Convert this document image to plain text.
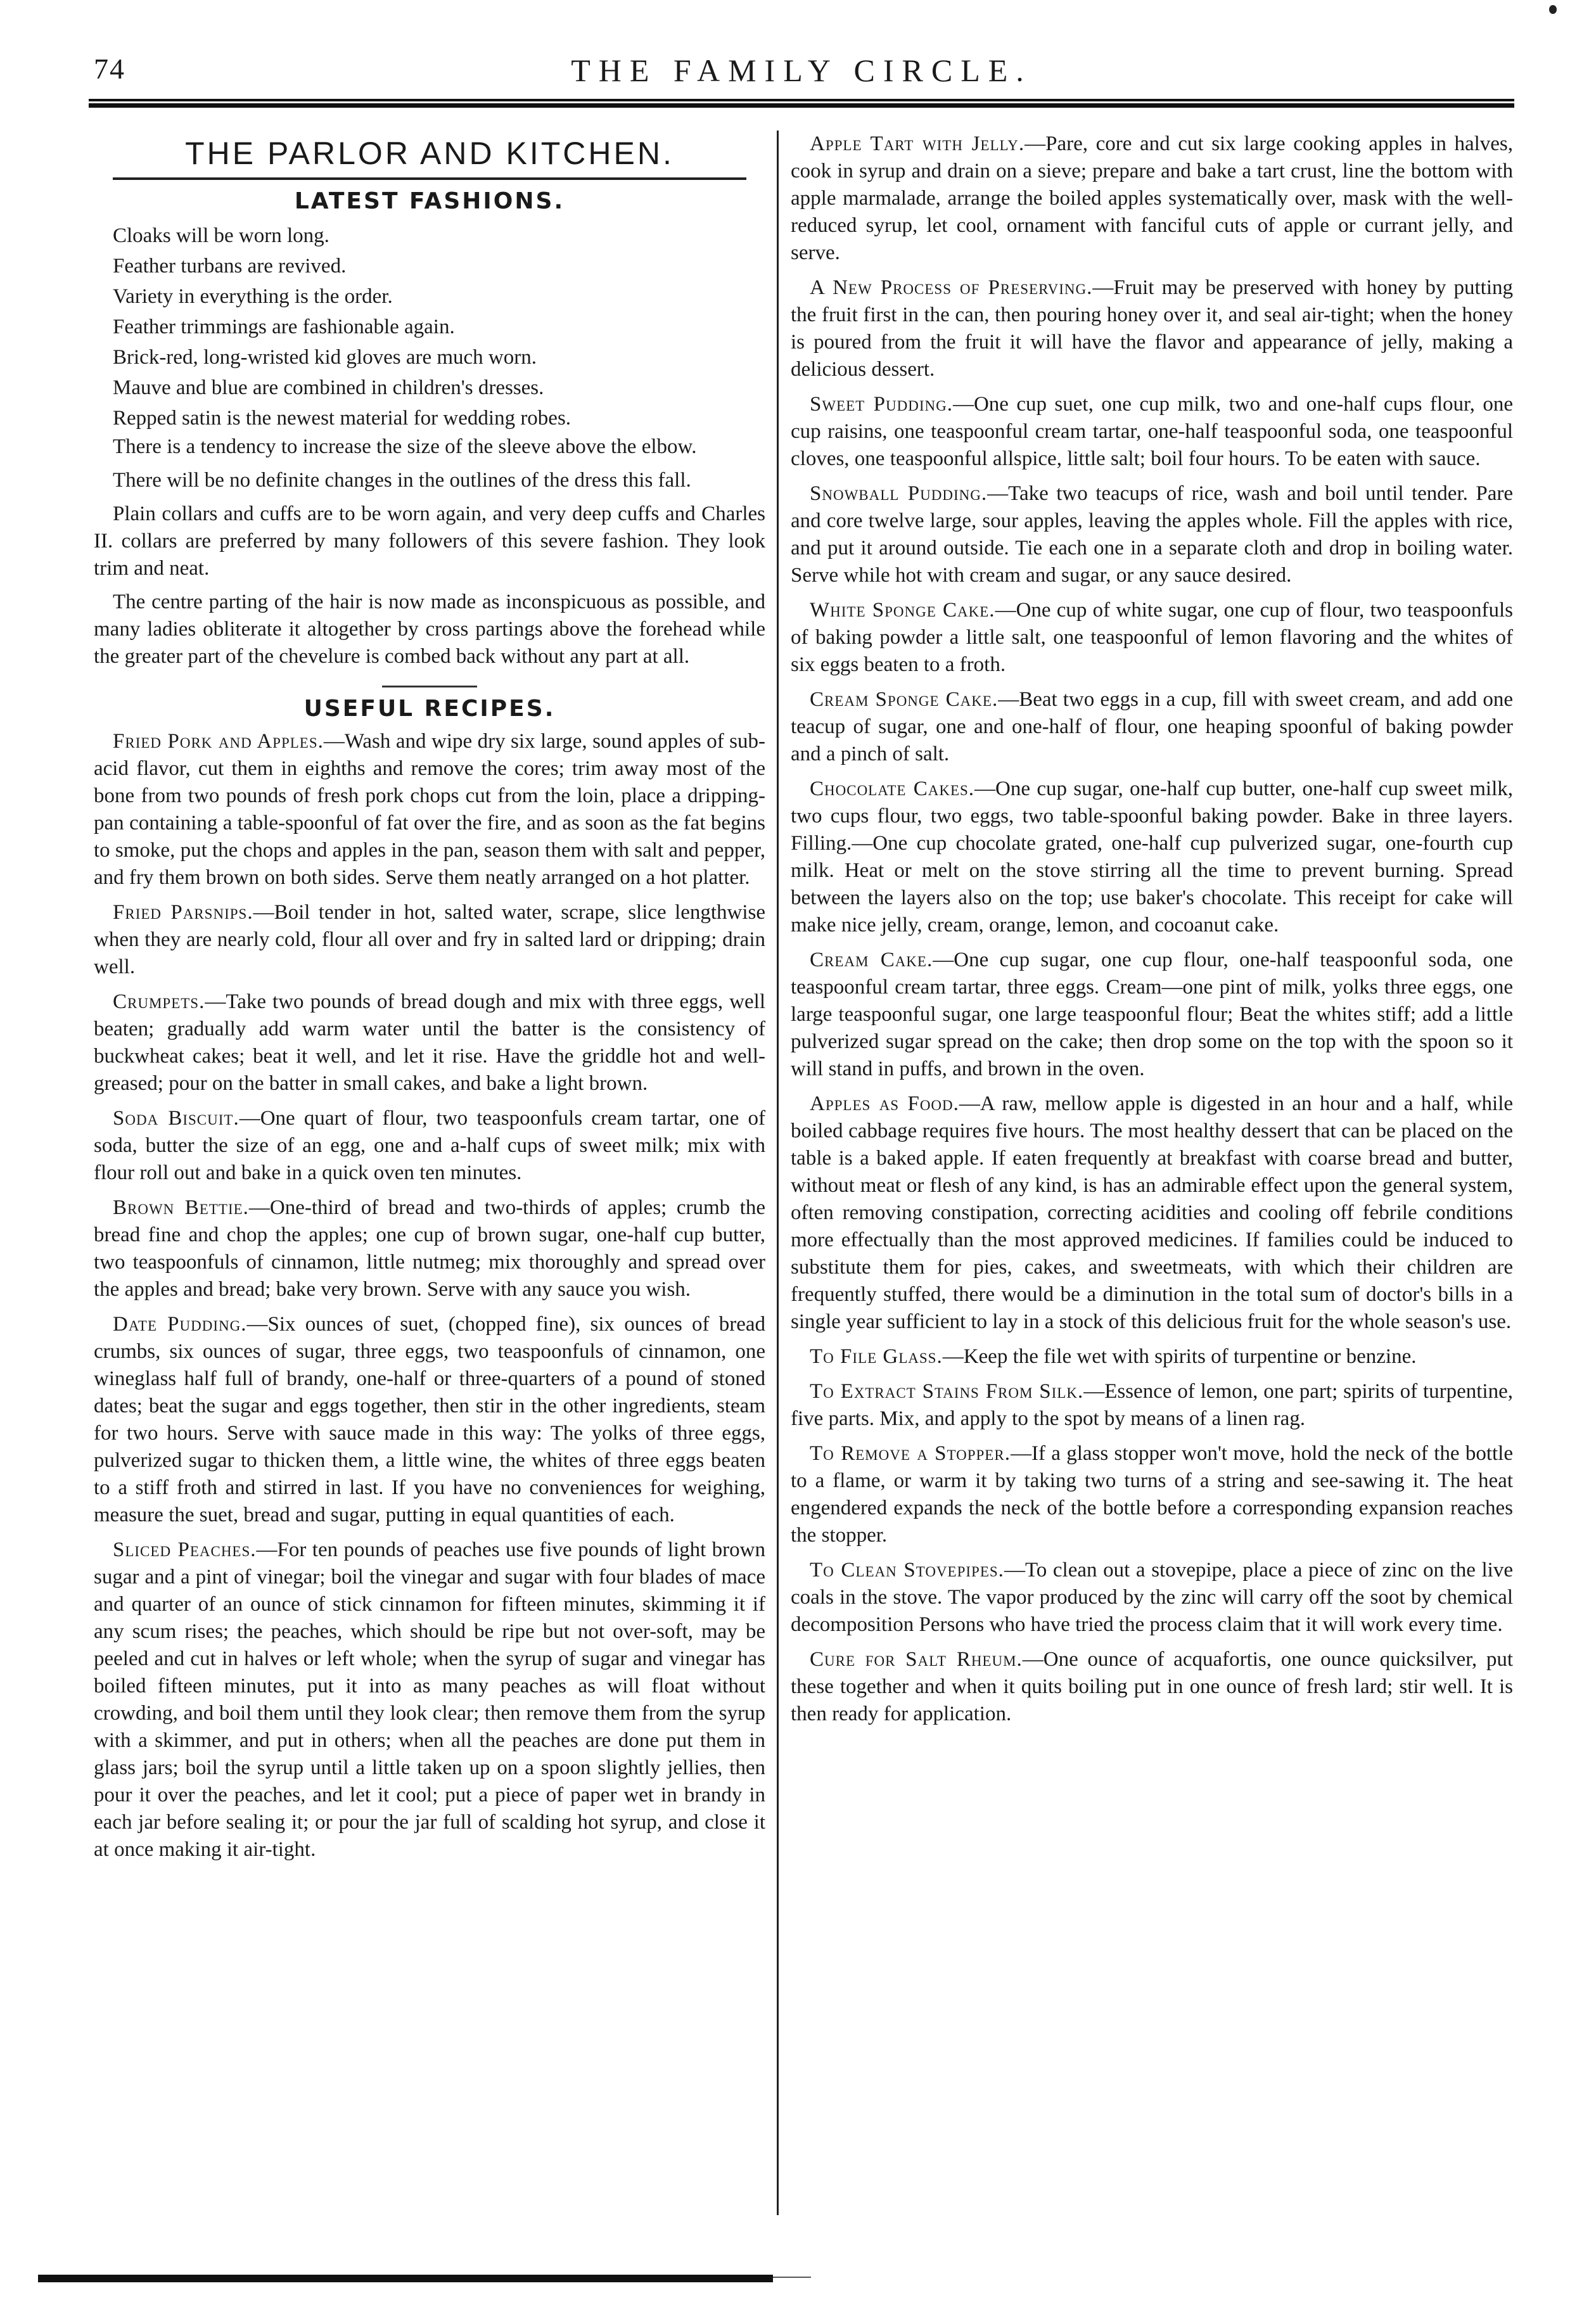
74	THE FAMILY CIRCLE.
THE PARLOR AND KITCHEN.
LATEST FASHIONS.

Cloaks will be worn long.

Feather turbans are revived.

Variety in everything is the order.

Feather trimmings are fashionable again.

Brick-red, long-wristed kid gloves are much worn.

Mauve and blue are combined in children's dresses.

Repped satin is the newest material for wedding robes.

There is a tendency to increase the size of the sleeve above the elbow.

There will be no definite changes in the outlines of the dress this fall.

Plain collars and cuffs are to be worn again, and very deep cuffs and Charles II. collars are preferred by many followers of this severe fashion. They look trim and neat.

The centre parting of the hair is now made as inconspicuous as possible, and many ladies obliterate it altogether by cross partings above the forehead while the greater part of the chevelure is combed back without any part at all.

USEFUL RECIPES.

Fried Pork and Apples.—Wash and wipe dry six large, sound apples of sub-acid flavor, cut them in eighths and remove the cores; trim away most of the bone from two pounds of fresh pork chops cut from the loin, place a dripping-pan containing a table-spoonful of fat over the fire, and as soon as the fat begins to smoke, put the chops and apples in the pan, season them with salt and pepper, and fry them brown on both sides. Serve them neatly arranged on a hot platter.

Fried Parsnips.—Boil tender in hot, salted water, scrape, slice lengthwise when they are nearly cold, flour all over and fry in salted lard or dripping; drain well.

Crumpets.—Take two pounds of bread dough and mix with three eggs, well beaten; gradually add warm water until the batter is the consistency of buckwheat cakes; beat it well, and let it rise. Have the griddle hot and well-greased; pour on the batter in small cakes, and bake a light brown.

Soda Biscuit.—One quart of flour, two teaspoonfuls cream tartar, one of soda, butter the size of an egg, one and a-half cups of sweet milk; mix with flour roll out and bake in a quick oven ten minutes.

Brown Bettie.—One-third of bread and two-thirds of apples; crumb the bread fine and chop the apples; one cup of brown sugar, one-half cup butter, two teaspoonfuls of cinnamon, little nutmeg; mix thoroughly and spread over the apples and bread; bake very brown. Serve with any sauce you wish.

Date Pudding.—Six ounces of suet, (chopped fine), six ounces of bread crumbs, six ounces of sugar, three eggs, two teaspoonfuls of cinnamon, one wineglass half full of brandy, one-half or three-quarters of a pound of stoned dates; beat the sugar and eggs together, then stir in the other ingredients, steam for two hours. Serve with sauce made in this way: The yolks of three eggs, pulverized sugar to thicken them, a little wine, the whites of three eggs beaten to a stiff froth and stirred in last. If you have no conveniences for weighing, measure the suet, bread and sugar, putting in equal quantities of each.

Sliced Peaches.—For ten pounds of peaches use five pounds of light brown sugar and a pint of vinegar; boil the vinegar and sugar with four blades of mace and quarter of an ounce of stick cinnamon for fifteen minutes, skimming it if any scum rises; the peaches, which should be ripe but not over-soft, may be peeled and cut in halves or left whole; when the syrup of sugar and vinegar has boiled fifteen minutes, put it into as many peaches as will float without crowding, and boil them until they look clear; then remove them from the syrup with a skimmer, and put in others; when all the peaches are done put them in glass jars; boil the syrup until a little taken up on a spoon slightly jellies, then pour it over the peaches, and let it cool; put a piece of paper wet in brandy in each jar before sealing it; or pour the jar full of scalding hot syrup, and close it at once making it air-tight.

Apple Tart with Jelly.—Pare, core and cut six large cooking apples in halves, cook in syrup and drain on a sieve; prepare and bake a tart crust, line the bottom with apple marmalade, arrange the boiled apples systematically over, mask with the well-reduced syrup, let cool, ornament with fanciful cuts of apple or currant jelly, and serve.

A New Process of Preserving.—Fruit may be preserved with honey by putting the fruit first in the can, then pouring honey over it, and seal air-tight; when the honey is poured from the fruit it will have the flavor and appearance of jelly, making a delicious dessert.

Sweet Pudding.—One cup suet, one cup milk, two and one-half cups flour, one cup raisins, one teaspoonful cream tartar, one-half teaspoonful soda, one teaspoonful cloves, one teaspoonful allspice, little salt; boil four hours. To be eaten with sauce.

Snowball Pudding.—Take two teacups of rice, wash and boil until tender. Pare and core twelve large, sour apples, leaving the apples whole. Fill the apples with rice, and put it around outside. Tie each one in a separate cloth and drop in boiling water. Serve while hot with cream and sugar, or any sauce desired.

White Sponge Cake.—One cup of white sugar, one cup of flour, two teaspoonfuls of baking powder a little salt, one teaspoonful of lemon flavoring and the whites of six eggs beaten to a froth.

Cream Sponge Cake.—Beat two eggs in a cup, fill with sweet cream, and add one teacup of sugar, one and one-half of flour, one heaping spoonful of baking powder and a pinch of salt.

Chocolate Cakes.—One cup sugar, one-half cup butter, one-half cup sweet milk, two cups flour, two eggs, two table-spoonful baking powder. Bake in three layers. Filling.—One cup chocolate grated, one-half cup pulverized sugar, one-fourth cup milk. Heat or melt on the stove stirring all the time to prevent burning. Spread between the layers also on the top; use baker's chocolate. This receipt for cake will make nice jelly, cream, orange, lemon, and cocoanut cake.

Cream Cake.—One cup sugar, one cup flour, one-half teaspoonful soda, one teaspoonful cream tartar, three eggs. Cream—one pint of milk, yolks three eggs, one large teaspoonful sugar, one large teaspoonful flour; Beat the whites stiff; add a little pulverized sugar spread on the cake; then drop some on the top with the spoon so it will stand in puffs, and brown in the oven.

Apples as Food.—A raw, mellow apple is digested in an hour and a half, while boiled cabbage requires five hours. The most healthy dessert that can be placed on the table is a baked apple. If eaten frequently at breakfast with coarse bread and butter, without meat or flesh of any kind, is has an admirable effect upon the general system, often removing constipation, correcting acidities and cooling off febrile conditions more effectually than the most approved medicines. If families could be induced to substitute them for pies, cakes, and sweetmeats, with which their children are frequently stuffed, there would be a diminution in the total sum of doctor's bills in a single year sufficient to lay in a stock of this delicious fruit for the whole season's use.

To File Glass.—Keep the file wet with spirits of turpentine or benzine.

To Extract Stains From Silk.—Essence of lemon, one part; spirits of turpentine, five parts. Mix, and apply to the spot by means of a linen rag.

To Remove a Stopper.—If a glass stopper won't move, hold the neck of the bottle to a flame, or warm it by taking two turns of a string and see-sawing it. The heat engendered expands the neck of the bottle before a corresponding expansion reaches the stopper.

To Clean Stovepipes.—To clean out a stovepipe, place a piece of zinc on the live coals in the stove. The vapor produced by the zinc will carry off the soot by chemical decomposition Persons who have tried the process claim that it will work every time.

Cure for Salt Rheum.—One ounce of acquafortis, one ounce quicksilver, put these together and when it quits boiling put in one ounce of fresh lard; stir well. It is then ready for application.
